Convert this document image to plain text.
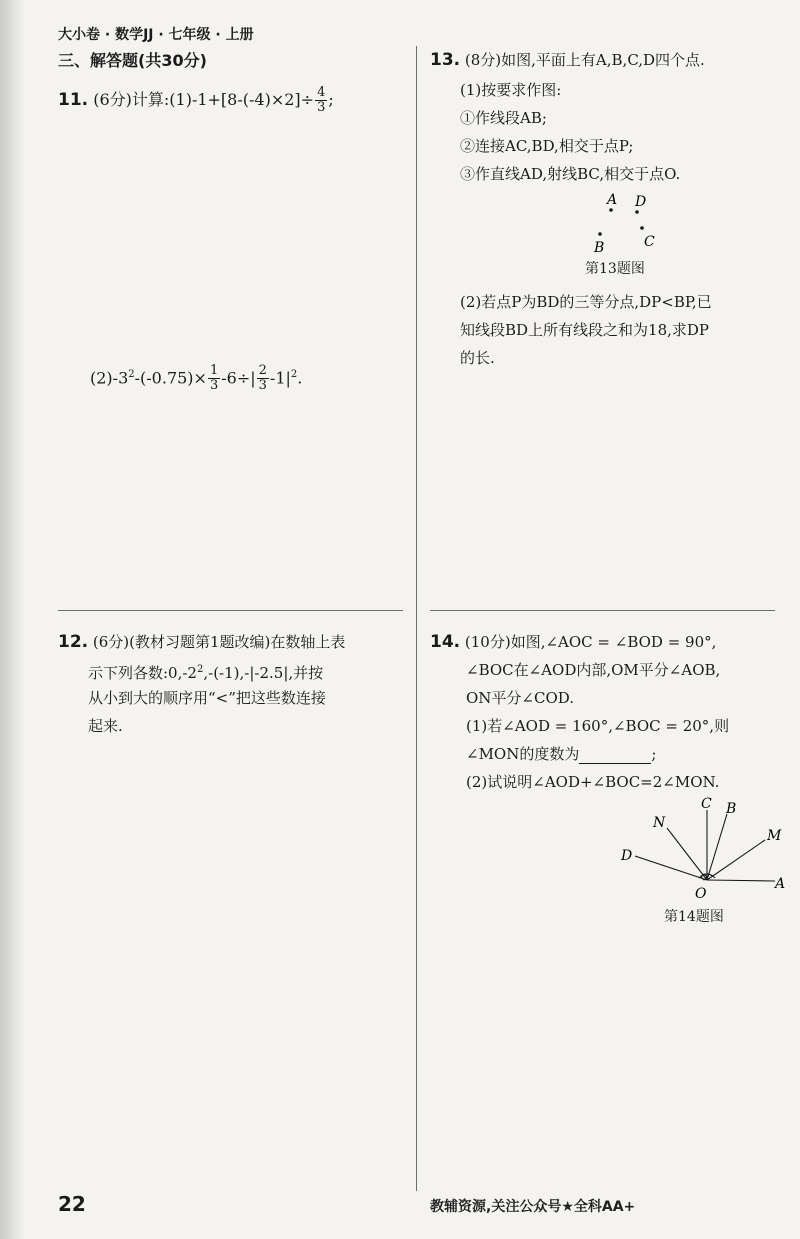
大小卷 · 数学JJ · 七年级 · 上册
三、解答题(共30分)
11. (6分)计算:(1)-1+[8-(-4)×2]÷ $\frac{4}{3}$ ;
$(2)-3^2-(-0.75)\times \frac{1}{3} -6\div| \frac{2}{3} -1|^2$.
12. (6分)(教材习题第1题改编)在数轴上表
示下列各数$:0,-2^2,-(-1),-|-2.5|$,并按
从小到大的顺序用“<”把这些数连接
起来.
13. (8分)如图,平面上有A,B,C,D四个点.
(1)按要求作图:
①作线段AB;
②连接AC,BD,相交于点P;
③作直线AD,射线BC,相交于点O.
A D
B	C
第13题图
(2)若点P为BD的三等分点,DP<BP,已
知线段BD上所有线段之和为18,求DP
的长.
14. (10分)如图,∠AOC = ∠BOD = 90°,
∠BOC在∠AOD内部,OM平分∠AOB,
ON平分∠COD.
(1)若∠AOD = 160°,∠BOC = 20°,则
∠MON的度数为	;
(2)试说明∠AOD+∠BOC=2∠MON.
C B
N
M
D
O
A
第14题图
22	教辅资源,关注公众号★全科AA+
